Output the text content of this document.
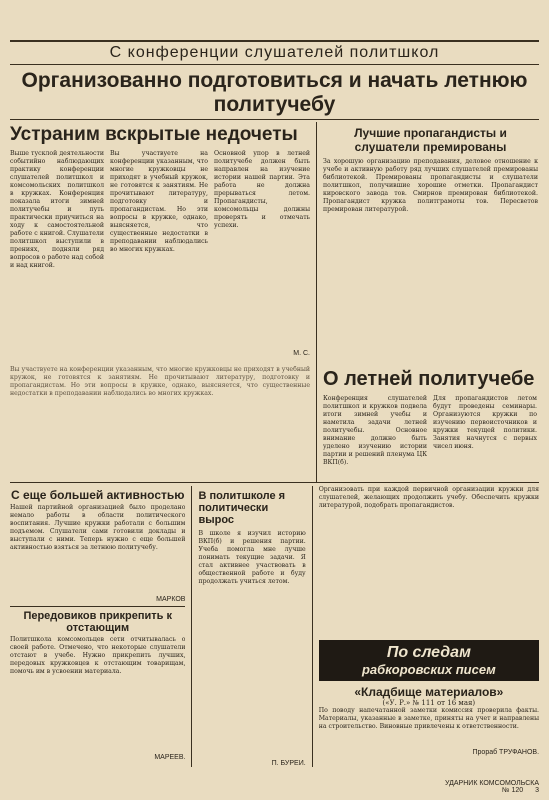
С конференции слушателей политшкол
Организованно подготовиться и начать летнюю политучебу
Устраним вскрытые недочеты
Выше тусклой деятельности событийно наблюдающих практику конференции слушателей политшкол и комсомольских политшкол в кружках. Конференция показала итоги зимней политучебы и путь практически приучиться на ходу к самостоятельной работе с книгой. Слушатели политшкол выступили в прениях, подняли ряд вопросов о работе над собой и над книгой.
Вы участвуете на конференции указанным, что многие кружковцы не приходят в учебный кружок, не готовятся к занятиям. Не прочитывают литературу, подготовку и пропагандистам. Но эти вопросы в кружке, однако, выясняется, что существенные недостатки в преподавании наблюдались во многих кружках.
Основной упор в летней политучебе должен быть направлен на изучение истории нашей партии. Эта работа не должна прерываться летом. Пропагандисты, комсомольцы должны проверять и отмечать успехи.
М. С.
Лучшие пропагандисты и слушатели премированы
За хорошую организацию преподавания, деловое отношение к учебе и активную работу ряд лучших слушателей премированы библиотекой. Премированы пропагандисты и слушатели политшкол, получившие хорошие отметки. Пропагандист кировского завода тов. Смирнов премирован библиотекой. Пропагандист кружка политграмоты тов. Пересветов премирован литературой.
Вы участвуете на конференции указанным, что многие кружковцы не приходят в учебный кружок, не готовятся к занятиям. Не прочитывают литературу, подготовку и пропагандистам. Но эти вопросы в кружке, однако, выясняется, что существенные недостатки в преподавании наблюдались во многих кружках.
О летней политучебе
Конференция слушателей политшкол и кружков подвела итоги зимней учебы и наметила задачи летней политучебы. Основное внимание должно быть уделено изучению истории партии и решений пленума ЦК ВКП(б).
Для пропагандистов летом будут проведены семинары. Организуются кружки по изучению первоисточников и кружки текущей политики. Занятия начнутся с первых чисел июня.
С еще большей активностью
Нашей партийной организацией было проделано немало работы в области политического воспитания. Лучшие кружки работали с большим подъемом. Слушатели сами готовили доклады и выступали с ними. Теперь нужно с еще большей активностью взяться за летнюю политучебу.
МАРКОВ
Передовиков прикрепить к отстающим
Политшкола комсомольцев сети отчитывалась о своей работе. Отмечено, что некоторые слушатели отстают в учебе. Нужно прикрепить лучших, передовых кружковцев к отстающим товарищам, помочь им в усвоении материала.
МАРЕЕВ.
В политшколе я политически вырос
В школе я изучил историю ВКП(б) и решения партии. Учеба помогла мне лучше понимать текущие задачи. Я стал активнее участвовать в общественной работе и буду продолжать учиться летом.
П. БУРЕИ.
Организовать при каждой первичной организации кружки для слушателей, желающих продолжить учебу. Обеспечить кружки литературой, подобрать пропагандистов.
По следам
рабкоровских писем
«Кладбище материалов»
(«У. Р.» № 111 от 16 мая)
По поводу напечатанной заметки комиссия проверила факты. Материалы, указанные в заметке, приняты на учет и направлены на строительство. Виновные привлечены к ответственности.
Прораб ТРУФАНОВ.
УДАРНИК КОМСОМОЛЬСКА
№ 120 3
